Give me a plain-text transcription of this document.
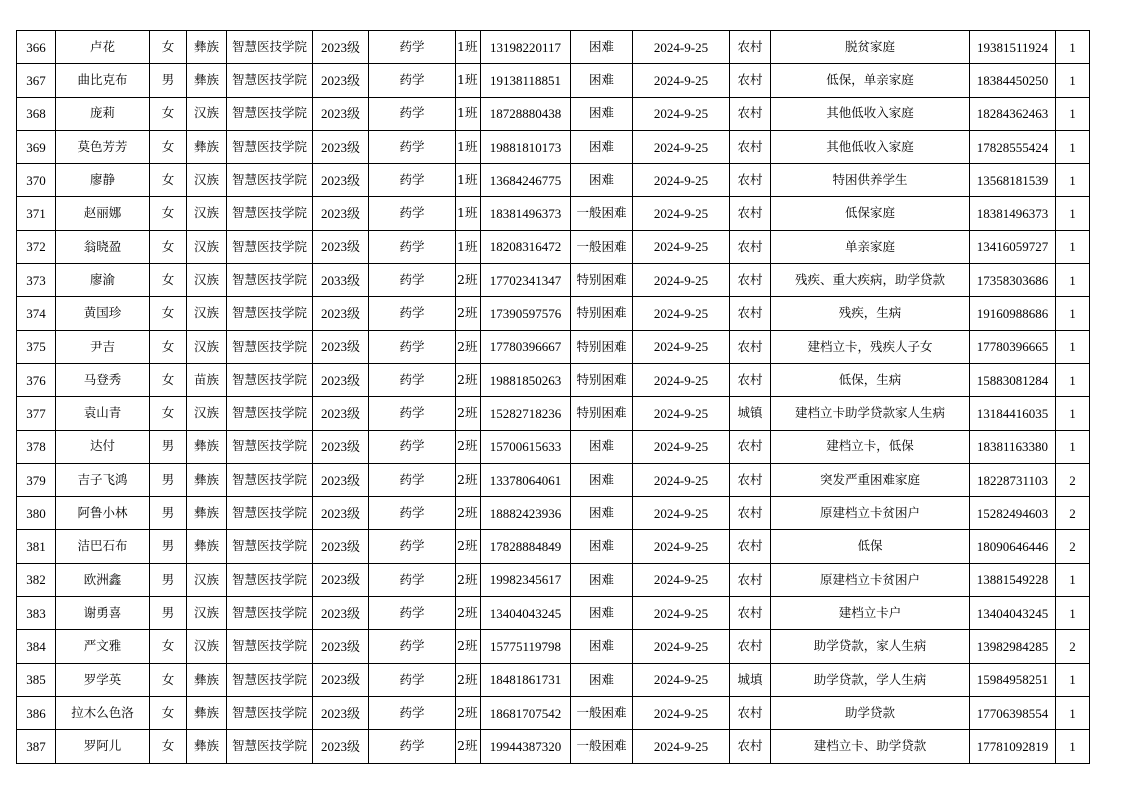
366	卢花	女	彝族	智慧医技学院	2023级	药学	1班	13198220117	困难	2024-9-25	农村	脱贫家庭	19381511924	1
367	曲比克布	男	彝族	智慧医技学院	2023级	药学	1班	19138118851	困难	2024-9-25	农村	低保，单亲家庭	18384450250	1
368	庞莉	女	汉族	智慧医技学院	2023级	药学	1班	18728880438	困难	2024-9-25	农村	其他低收入家庭	18284362463	1
369	莫色芳芳	女	彝族	智慧医技学院	2023级	药学	1班	19881810173	困难	2024-9-25	农村	其他低收入家庭	17828555424	1
370	廖静	女	汉族	智慧医技学院	2023级	药学	1班	13684246775	困难	2024-9-25	农村	特困供养学生	13568181539	1
371	赵丽娜	女	汉族	智慧医技学院	2023级	药学	1班	18381496373	一般困难	2024-9-25	农村	低保家庭	18381496373	1
372	翁晓盈	女	汉族	智慧医技学院	2023级	药学	1班	18208316472	一般困难	2024-9-25	农村	单亲家庭	13416059727	1
373	廖渝	女	汉族	智慧医技学院	2033级	药学	2班	17702341347	特别困难	2024-9-25	农村	残疾、重大疾病，助学贷款	17358303686	1
374	黄国珍	女	汉族	智慧医技学院	2023级	药学	2班	17390597576	特别困难	2024-9-25	农村	残疾，生病	19160988686	1
375	尹吉	女	汉族	智慧医技学院	2023级	药学	2班	17780396667	特别困难	2024-9-25	农村	建档立卡，残疾人子女	17780396665	1
376	马登秀	女	苗族	智慧医技学院	2023级	药学	2班	19881850263	特别困难	2024-9-25	农村	低保，生病	15883081284	1
377	袁山青	女	汉族	智慧医技学院	2023级	药学	2班	15282718236	特别困难	2024-9-25	城镇	建档立卡助学贷款家人生病	13184416035	1
378	达付	男	彝族	智慧医技学院	2023级	药学	2班	15700615633	困难	2024-9-25	农村	建档立卡，低保	18381163380	1
379	吉子飞鸿	男	彝族	智慧医技学院	2023级	药学	2班	13378064061	困难	2024-9-25	农村	突发严重困难家庭	18228731103	2
380	阿鲁小林	男	彝族	智慧医技学院	2023级	药学	2班	18882423936	困难	2024-9-25	农村	原建档立卡贫困户	15282494603	2
381	洁巴石布	男	彝族	智慧医技学院	2023级	药学	2班	17828884849	困难	2024-9-25	农村	低保	18090646446	2
382	欧洲鑫	男	汉族	智慧医技学院	2023级	药学	2班	19982345617	困难	2024-9-25	农村	原建档立卡贫困户	13881549228	1
383	谢勇喜	男	汉族	智慧医技学院	2023级	药学	2班	13404043245	困难	2024-9-25	农村	建档立卡户	13404043245	1
384	严文雅	女	汉族	智慧医技学院	2023级	药学	2班	15775119798	困难	2024-9-25	农村	助学贷款，家人生病	13982984285	2
385	罗学英	女	彝族	智慧医技学院	2023级	药学	2班	18481861731	困难	2024-9-25	城填	助学贷款，学人生病	15984958251	1
386	拉木么色洛	女	彝族	智慧医技学院	2023级	药学	2班	18681707542	一般困难	2024-9-25	农村	助学贷款	17706398554	1
387	罗阿儿	女	彝族	智慧医技学院	2023级	药学	2班	19944387320	一般困难	2024-9-25	农村	建档立卡、助学贷款	17781092819	1
